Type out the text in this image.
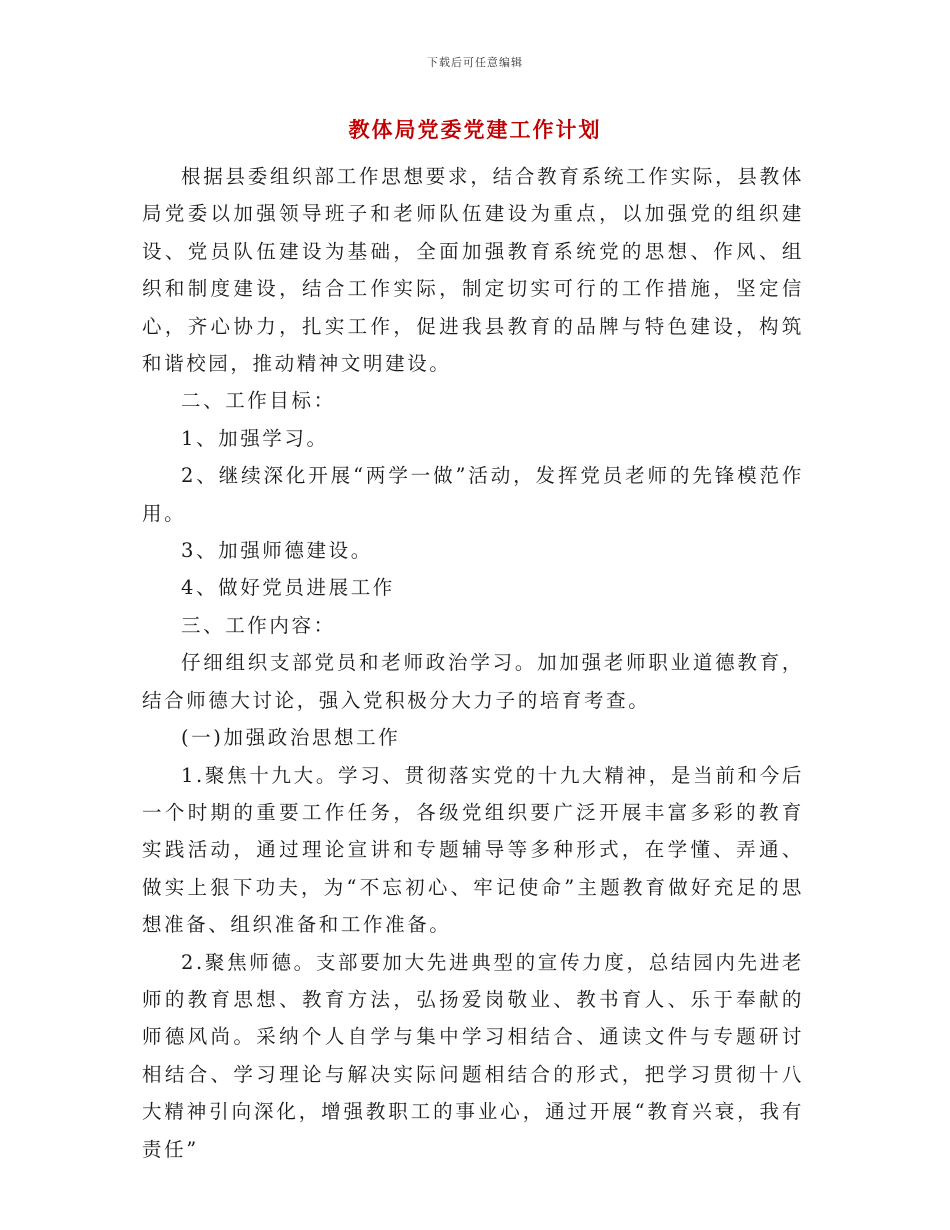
下载后可任意编辑
教体局党委党建工作计划

根据县委组织部工作思想要求，结合教育系统工作实际，县教体局党委以加强领导班子和老师队伍建设为重点，以加强党的组织建设、党员队伍建设为基础，全面加强教育系统党的思想、作风、组织和制度建设，结合工作实际，制定切实可行的工作措施，坚定信心，齐心协力，扎实工作，促进我县教育的品牌与特色建设，构筑和谐校园，推动精神文明建设。

二、工作目标：

1、加强学习。

2、继续深化开展“两学一做”活动，发挥党员老师的先锋模范作用。

3、加强师德建设。

4、做好党员进展工作

三、工作内容：

仔细组织支部党员和老师政治学习。加加强老师职业道德教育，结合师德大讨论，强入党积极分大力子的培育考查。

(一)加强政治思想工作

1.聚焦十九大。学习、贯彻落实党的十九大精神，是当前和今后一个时期的重要工作任务，各级党组织要广泛开展丰富多彩的教育实践活动，通过理论宣讲和专题辅导等多种形式，在学懂、弄通、做实上狠下功夫，为“不忘初心、牢记使命”主题教育做好充足的思想准备、组织准备和工作准备。

2.聚焦师德。支部要加大先进典型的宣传力度，总结园内先进老师的教育思想、教育方法，弘扬爱岗敬业、教书育人、乐于奉献的师德风尚。采纳个人自学与集中学习相结合、通读文件与专题研讨相结合、学习理论与解决实际问题相结合的形式，把学习贯彻十八大精神引向深化，增强教职工的事业心，通过开展“教育兴衰，我有责任”
